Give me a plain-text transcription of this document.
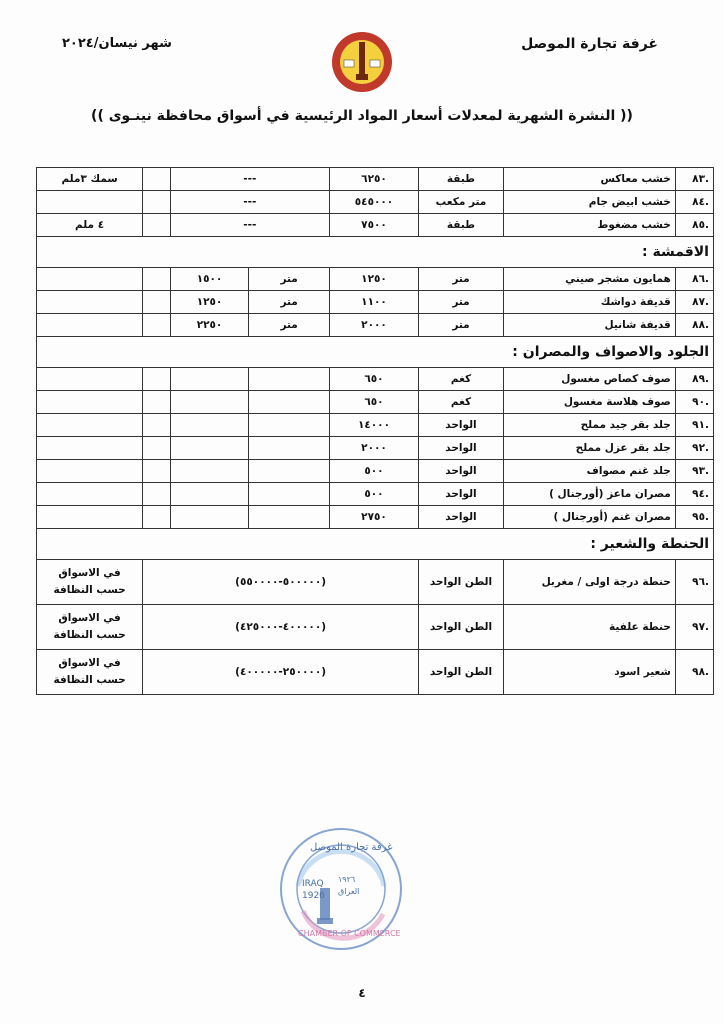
غرفة تجارة الموصل
شهر نيسان/٢٠٢٤
(( النشرة الشهرية لمعدلات أسعار المواد الرئيسية في أسواق محافظة نينـوى ))
.٨٣	خشب معاكس	طبقة	٦٢٥٠	---			سمك ٣ملم
.٨٤	خشب ابيض جام	متر مكعب	٥٤٥٠٠٠	---			
.٨٥	خشب مضغوط	طبقة	٧٥٠٠	---			٤ ملم
الاقمشة :							
.٨٦	همايون مشجر صيني	متر	١٢٥٠	متر	١٥٠٠		
.٨٧	قديفة دواشك	متر	١١٠٠	متر	١٢٥٠		
.٨٨	قديفة شانيل	متر	٢٠٠٠	متر	٢٢٥٠		
الجلود والاصواف والمصران :							
.٨٩	صوف كصاص مغسول	كغم	٦٥٠				
.٩٠	صوف هلاسة مغسول	كغم	٦٥٠				
.٩١	جلد بقر جيد مملح	الواحد	١٤٠٠٠				
.٩٢	جلد بقر عزل مملح	الواحد	٢٠٠٠				
.٩٣	جلد غنم مصواف	الواحد	٥٠٠				
.٩٤	مصران ماعز (أورجنال )	الواحد	٥٠٠				
.٩٥	مصران غنم (أورجنال )	الواحد	٢٧٥٠				
الحنطة والشعير :							
.٩٦	حنطة درجة اولى / مغربل	الطن الواحد	(٥٠٠٠٠٠-٥٥٠٠٠٠)				في الاسواق
حسب النظافة

.٩٧	حنطة علفية	الطن الواحد	(٤٠٠٠٠٠-٤٢٥٠٠٠)				في الاسواق
حسب النظافة

.٩٨	شعير اسود	الطن الواحد	(٢٥٠٠٠٠-٤٠٠٠٠٠)				في الاسواق
حسب النظافة
IRAQ
1926
١٩٢٦
العراق
غرفة تجارة الموصل
CHAMBER OF COMMERCE
٤
